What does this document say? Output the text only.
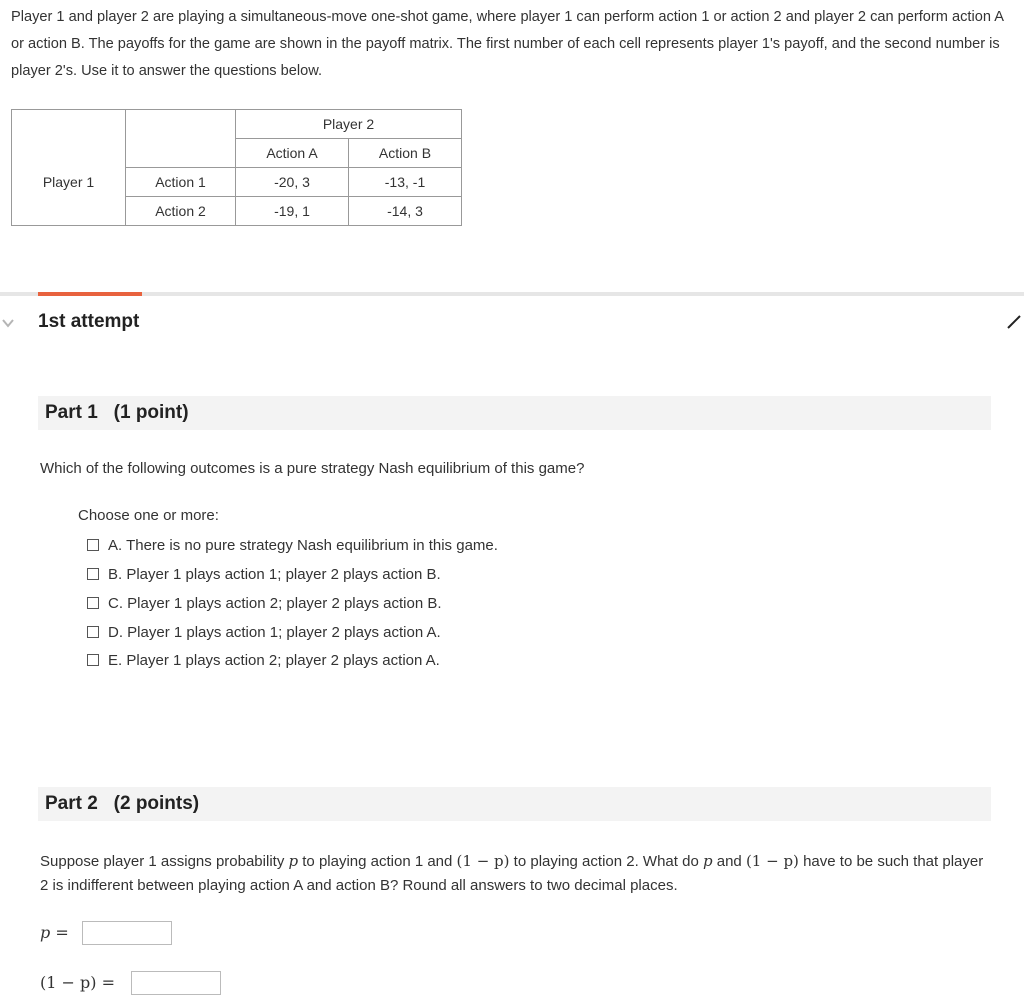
Player 1 and player 2 are playing a simultaneous-move one-shot game, where player 1 can perform action 1 or action 2 and player 2 can perform action A or action B. The payoffs for the game are shown in the payoff matrix. The first number of each cell represents player 1's payoff, and the second number is player 2's. Use it to answer the questions below.
		Player 2	
		Action A	Action B
Player 1	Action 1	-20, 3	-13, -1
	Action 2	-19, 1	-14, 3
1st attempt
Part 1   (1 point)
Which of the following outcomes is a pure strategy Nash equilibrium of this game?
Choose one or more:
A. There is no pure strategy Nash equilibrium in this game.
B. Player 1 plays action 1; player 2 plays action B.
C. Player 1 plays action 2; player 2 plays action B.
D. Player 1 plays action 1; player 2 plays action A.
E. Player 1 plays action 2; player 2 plays action A.
Part 2   (2 points)
Suppose player 1 assigns probability p to playing action 1 and (1 − p) to playing action 2. What do p and (1 − p) have to be such that player 2 is indifferent between playing action A and action B? Round all answers to two decimal places.
p =
(1 − p) =
